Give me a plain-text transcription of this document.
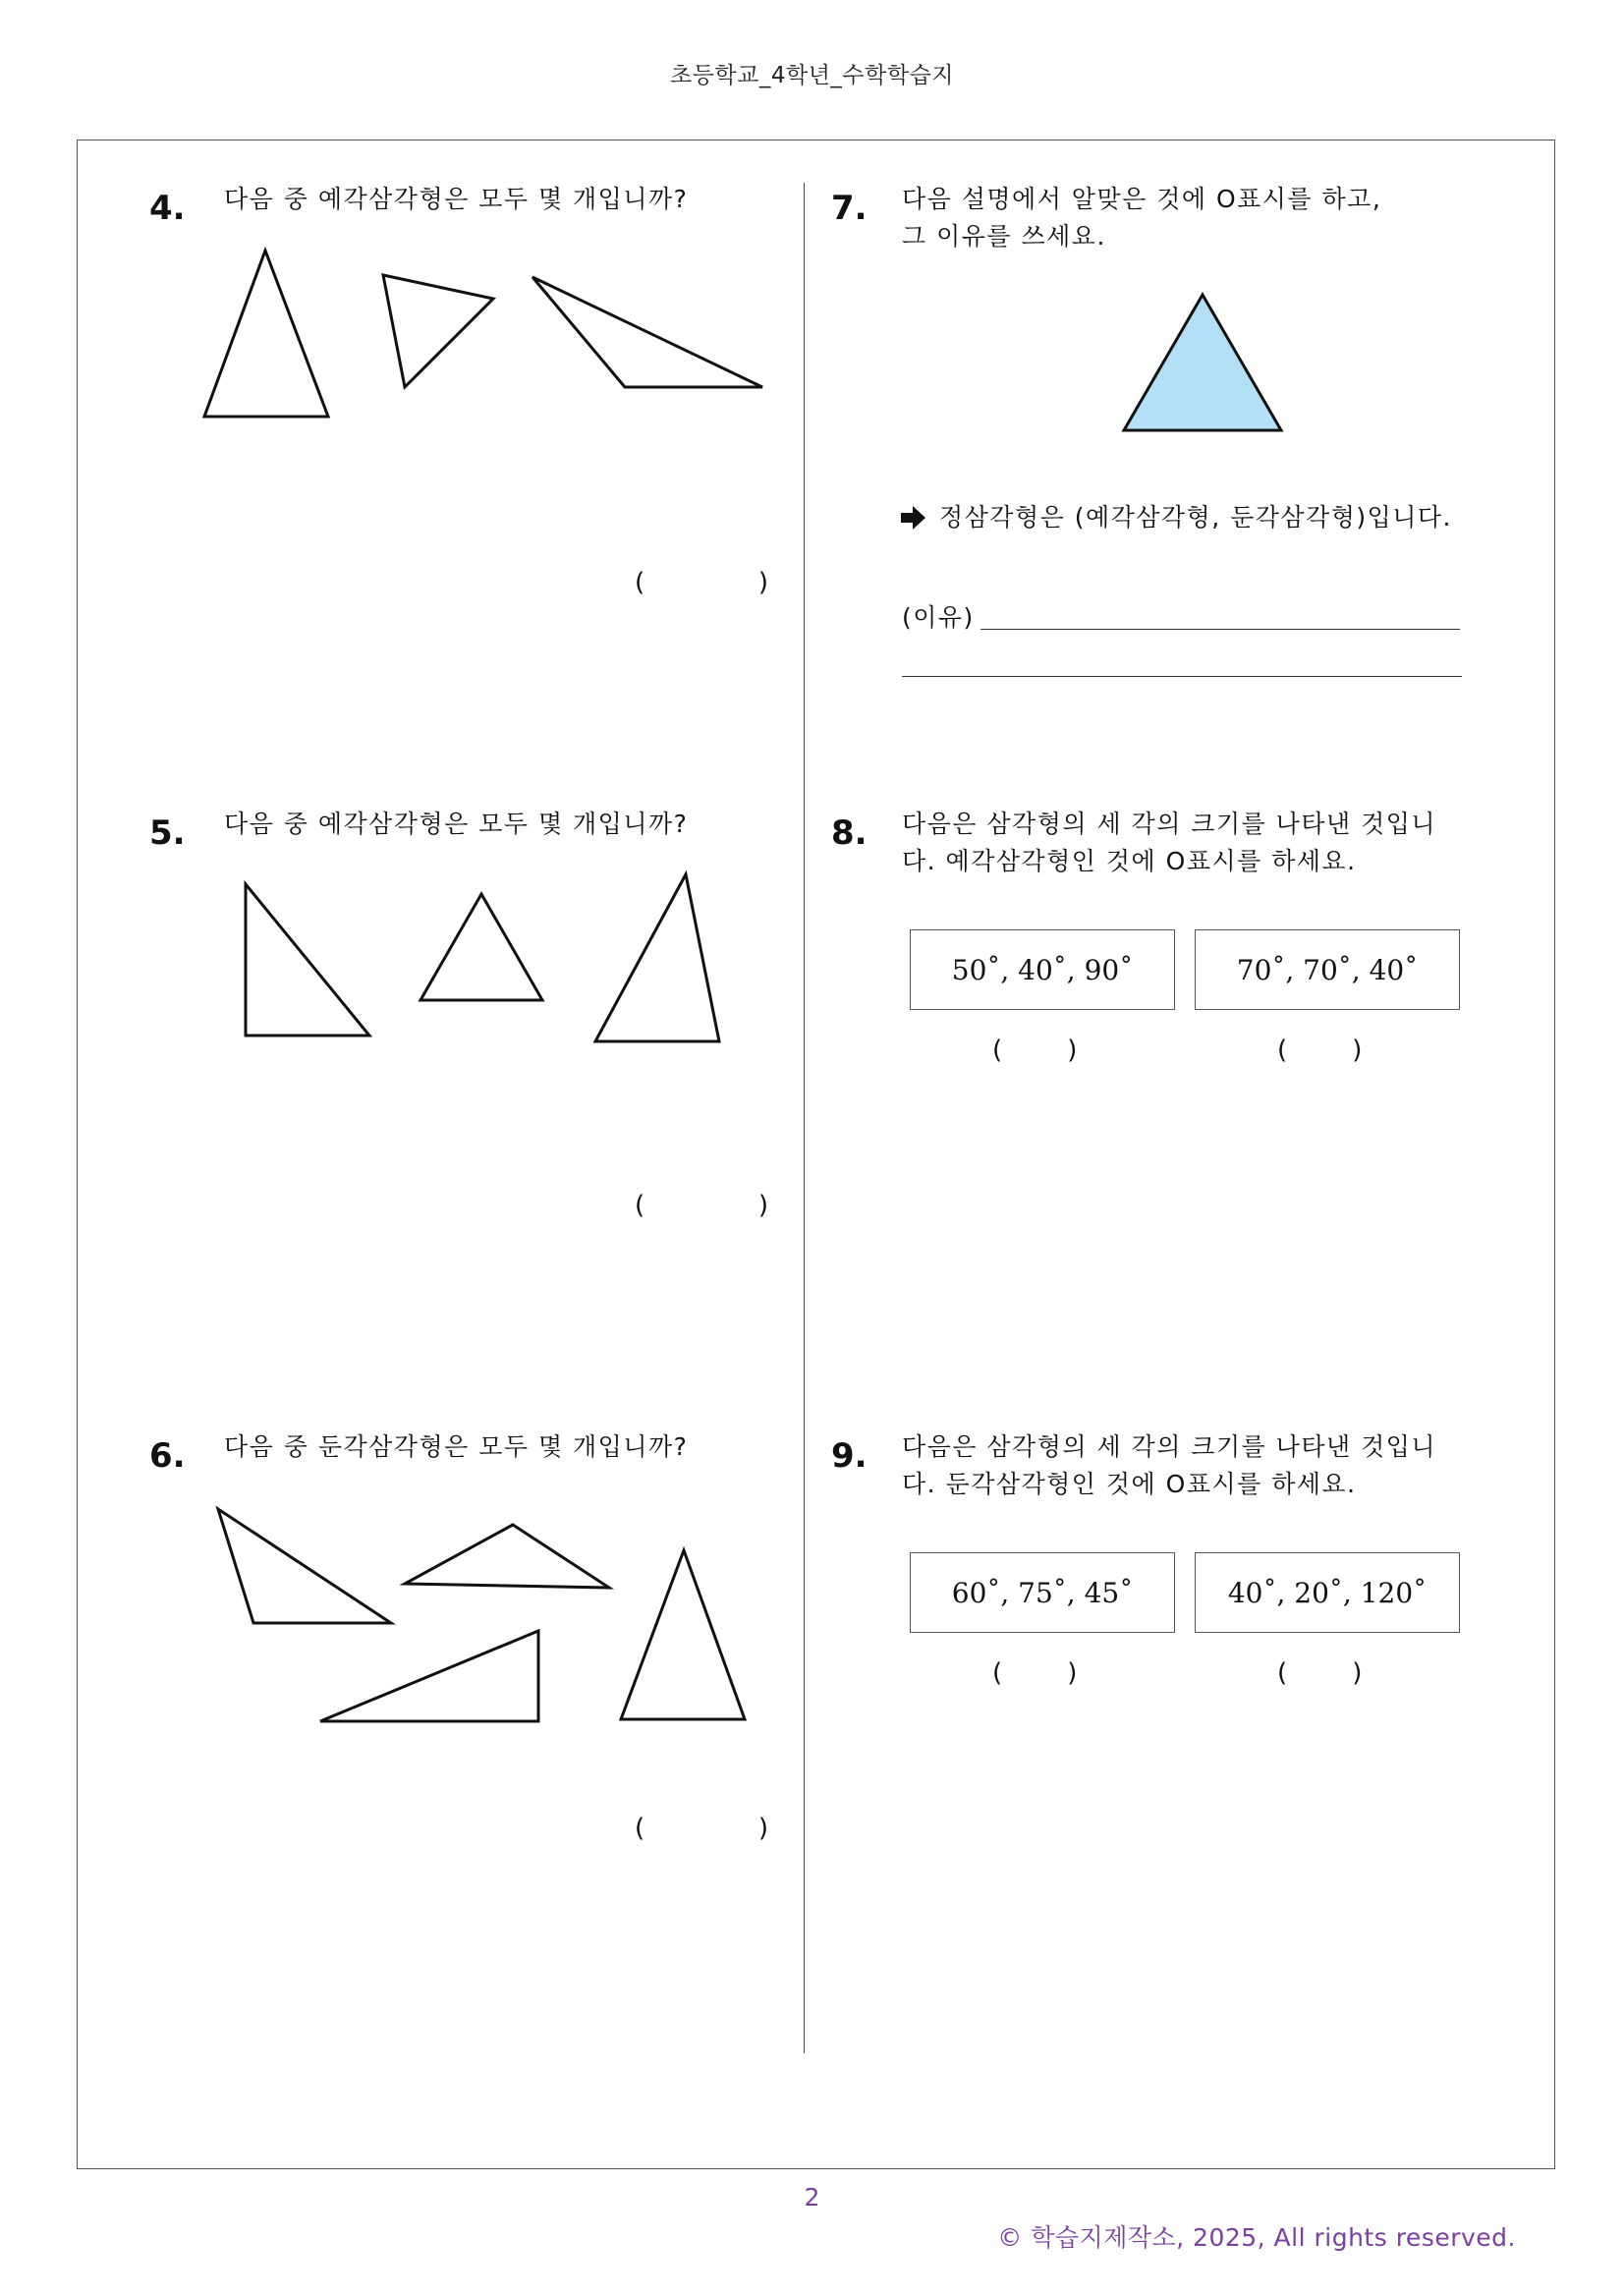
초등학교_4학년_수학학습지
4. 다음 중 예각삼각형은 모두 몇 개입니까?
(              )
5. 다음 중 예각삼각형은 모두 몇 개입니까?
(              )
6. 다음 중 둔각삼각형은 모두 몇 개입니까?
(              )
7. 다음 설명에서 알맞은 것에 O표시를 하고,
그 이유를 쓰세요.
정삼각형은 (예각삼각형, 둔각삼각형)입니다.
(이유)
8. 다음은 삼각형의 세 각의 크기를 나타낸 것입니
다. 예각삼각형인 것에 O표시를 하세요.
50˚, 40˚, 90˚	70˚, 70˚, 40˚
(        )	(        )
9. 다음은 삼각형의 세 각의 크기를 나타낸 것입니
다. 둔각삼각형인 것에 O표시를 하세요.
60˚, 75˚, 45˚	40˚, 20˚, 120˚
(        )	(        )
2
© 학습지제작소, 2025, All rights reserved.
